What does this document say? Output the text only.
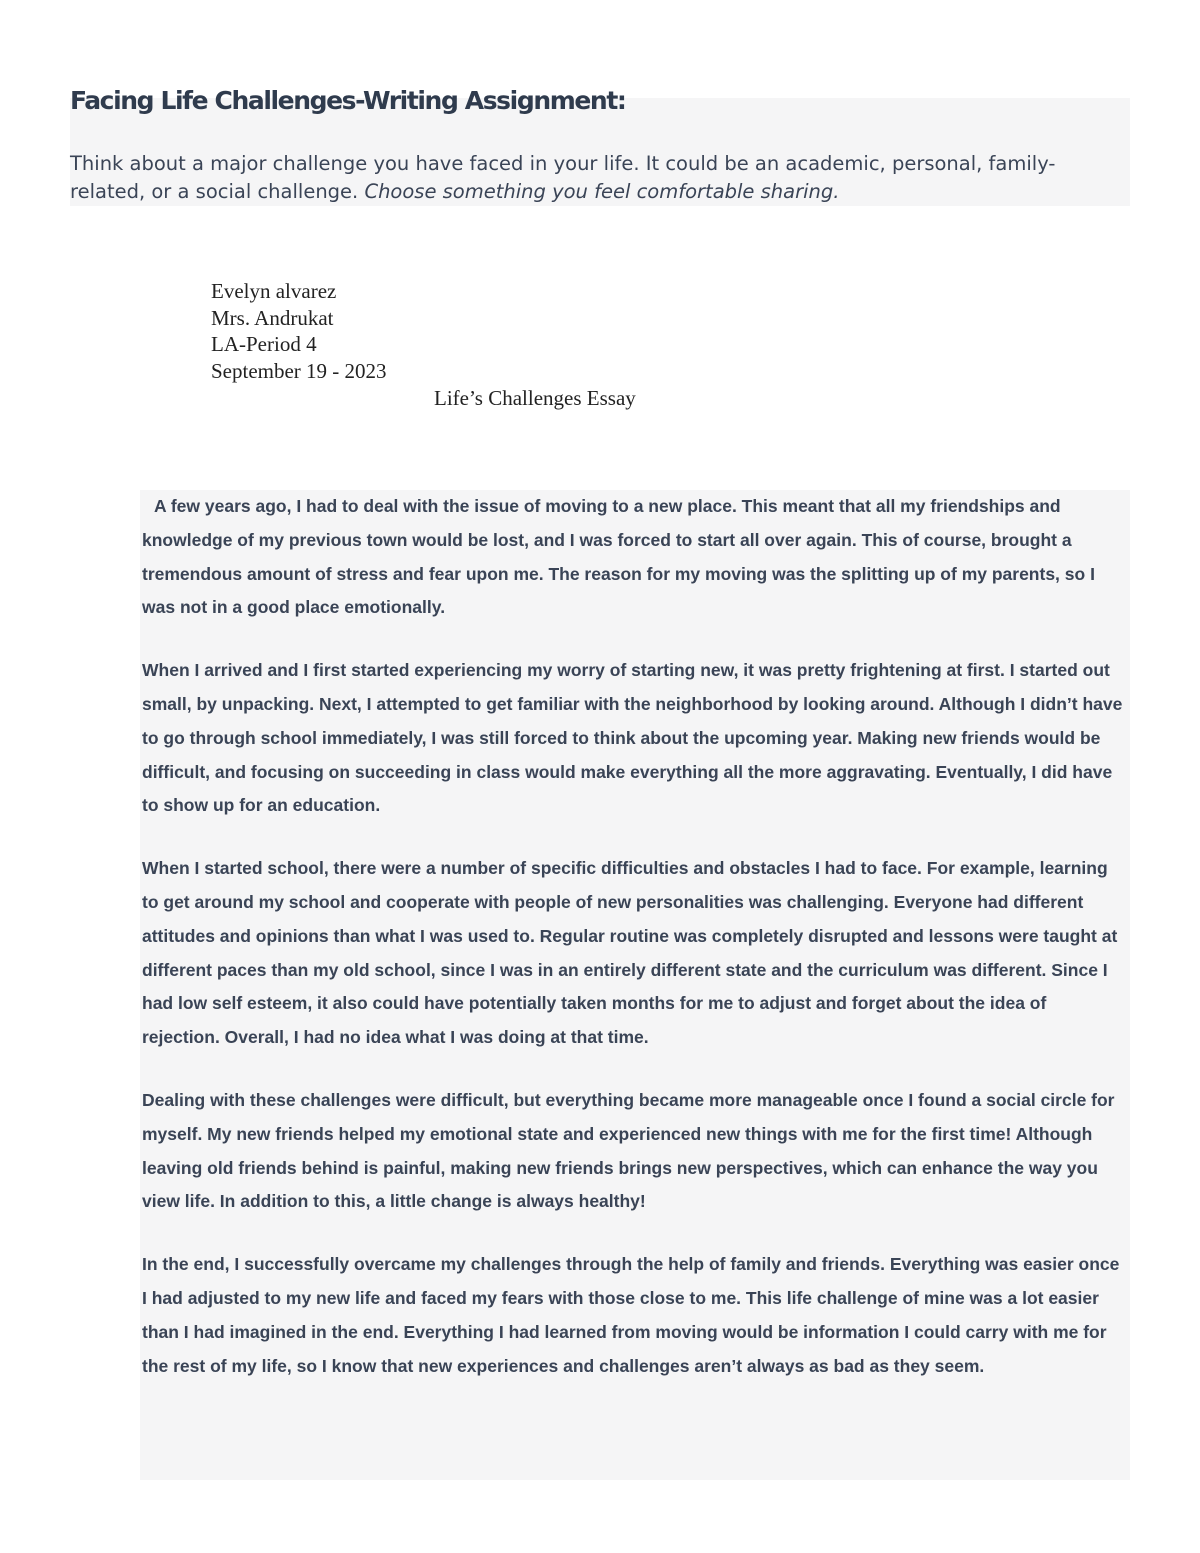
Facing Life Challenges-Writing Assignment:

Think about a major challenge you have faced in your life. It could be an academic, personal, family-related, or a social challenge. Choose something you feel comfortable sharing.

Evelyn alvarez
Mrs. Andrukat
LA-Period 4
September 19 - 2023
Life’s Challenges Essay

A few years ago, I had to deal with the issue of moving to a new place. This meant that all my friendships and knowledge of my previous town would be lost, and I was forced to start all over again. This of course, brought a tremendous amount of stress and fear upon me. The reason for my moving was the splitting up of my parents, so I was not in a good place emotionally.

When I arrived and I first started experiencing my worry of starting new, it was pretty frightening at first. I started out small, by unpacking. Next, I attempted to get familiar with the neighborhood by looking around. Although I didn’t have to go through school immediately, I was still forced to think about the upcoming year. Making new friends would be difficult, and focusing on succeeding in class would make everything all the more aggravating. Eventually, I did have to show up for an education.

When I started school, there were a number of specific difficulties and obstacles I had to face. For example, learning to get around my school and cooperate with people of new personalities was challenging. Everyone had different attitudes and opinions than what I was used to. Regular routine was completely disrupted and lessons were taught at different paces than my old school, since I was in an entirely different state and the curriculum was different. Since I had low self esteem, it also could have potentially taken months for me to adjust and forget about the idea of rejection. Overall, I had no idea what I was doing at that time.

Dealing with these challenges were difficult, but everything became more manageable once I found a social circle for myself. My new friends helped my emotional state and experienced new things with me for the first time! Although leaving old friends behind is painful, making new friends brings new perspectives, which can enhance the way you view life. In addition to this, a little change is always healthy!

In the end, I successfully overcame my challenges through the help of family and friends. Everything was easier once I had adjusted to my new life and faced my fears with those close to me. This life challenge of mine was a lot easier than I had imagined in the end. Everything I had learned from moving would be information I could carry with me for the rest of my life, so I know that new experiences and challenges aren’t always as bad as they seem.
